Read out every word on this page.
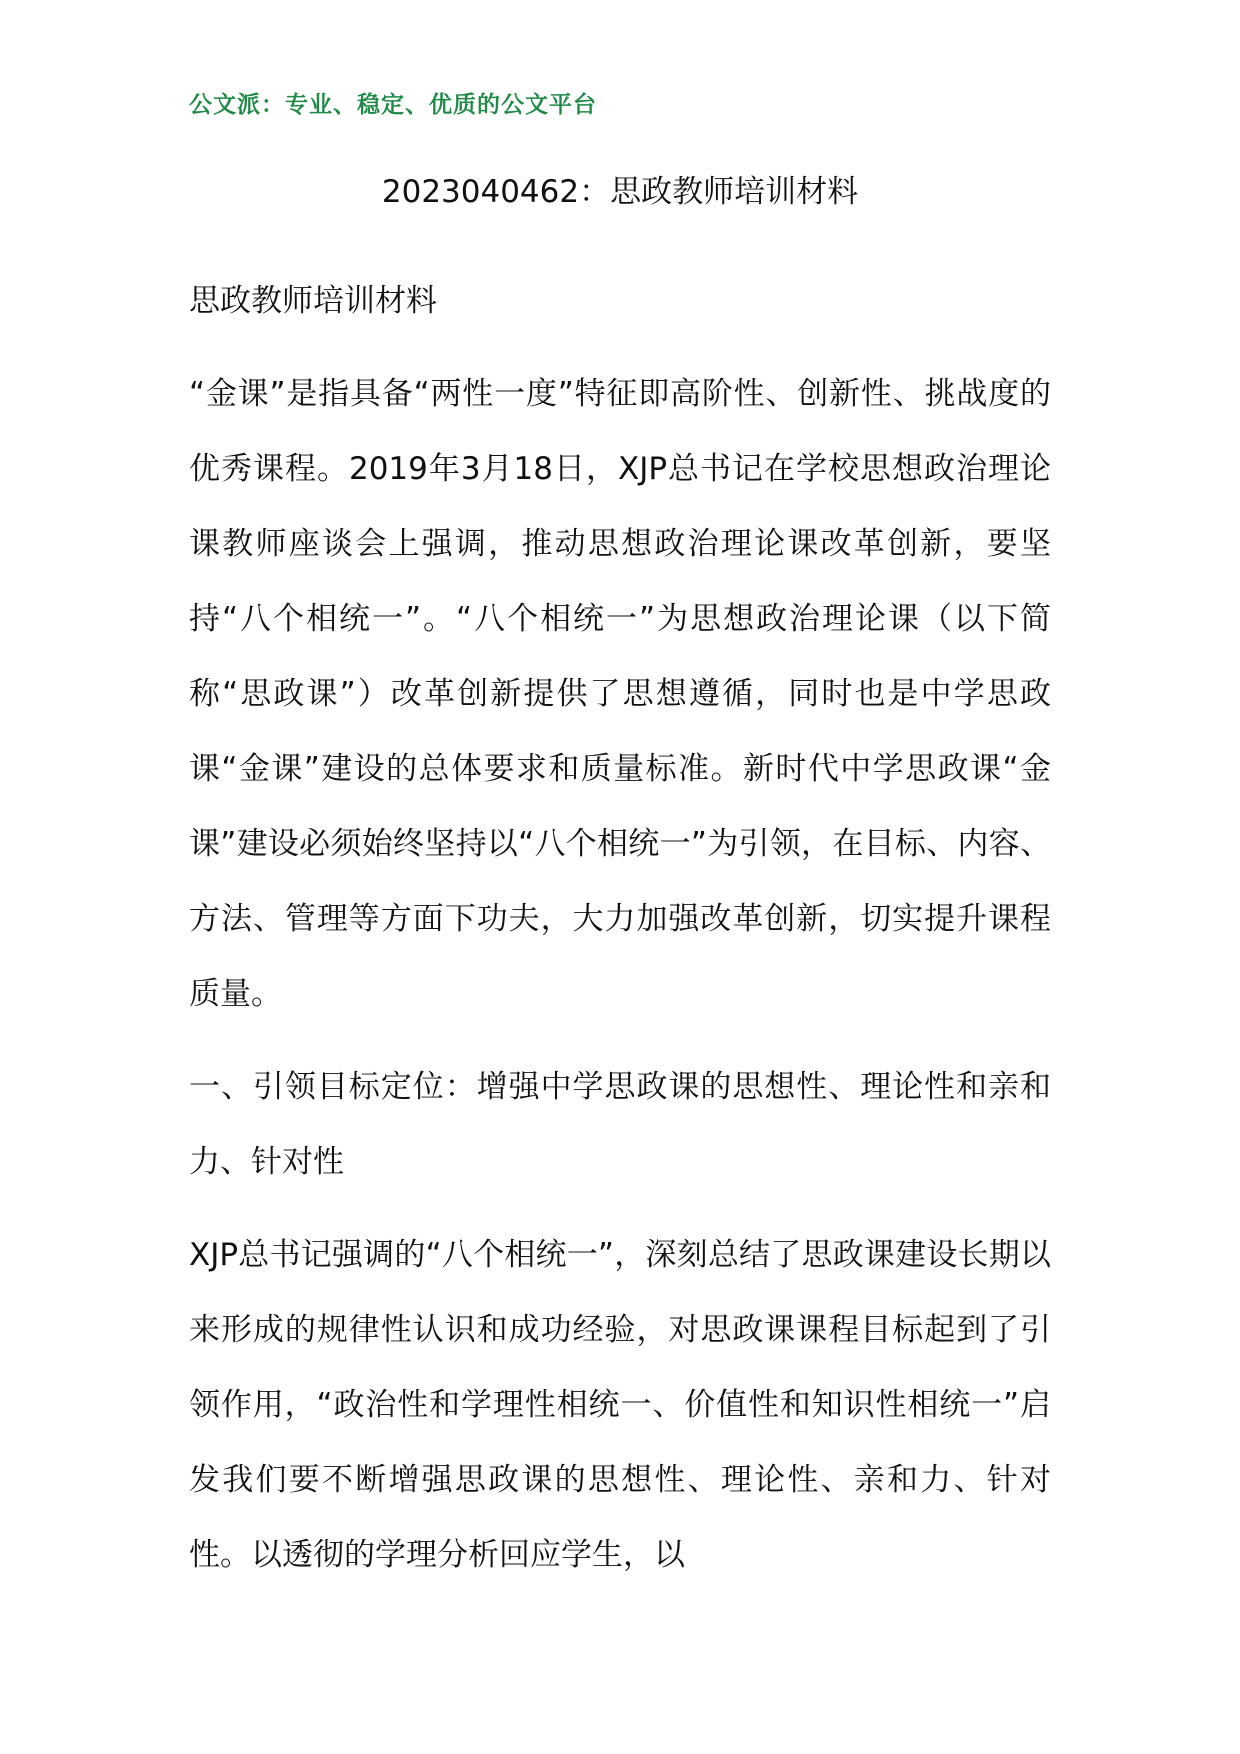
公文派：专业、稳定、优质的公文平台
2023040462：思政教师培训材料

思政教师培训材料

“金课”是指具备“两性一度”特征即高阶性、创新性、挑战度的优秀课程。2019年3月18日，XJP总书记在学校思想政治理论课教师座谈会上强调，推动思想政治理论课改革创新，要坚持“八个相统一”。“八个相统一”为思想政治理论课（以下简称“思政课”）改革创新提供了思想遵循，同时也是中学思政课“金课”建设的总体要求和质量标准。新时代中学思政课“金课”建设必须始终坚持以“八个相统一”为引领，在目标、内容、方法、管理等方面下功夫，大力加强改革创新，切实提升课程质量。

一、引领目标定位：增强中学思政课的思想性、理论性和亲和力、针对性

XJP总书记强调的“八个相统一”，深刻总结了思政课建设长期以来形成的规律性认识和成功经验，对思政课课程目标起到了引领作用，“政治性和学理性相统一、价值性和知识性相统一”启发我们要不断增强思政课的思想性、理论性、亲和力、针对性。以透彻的学理分析回应学生，以
